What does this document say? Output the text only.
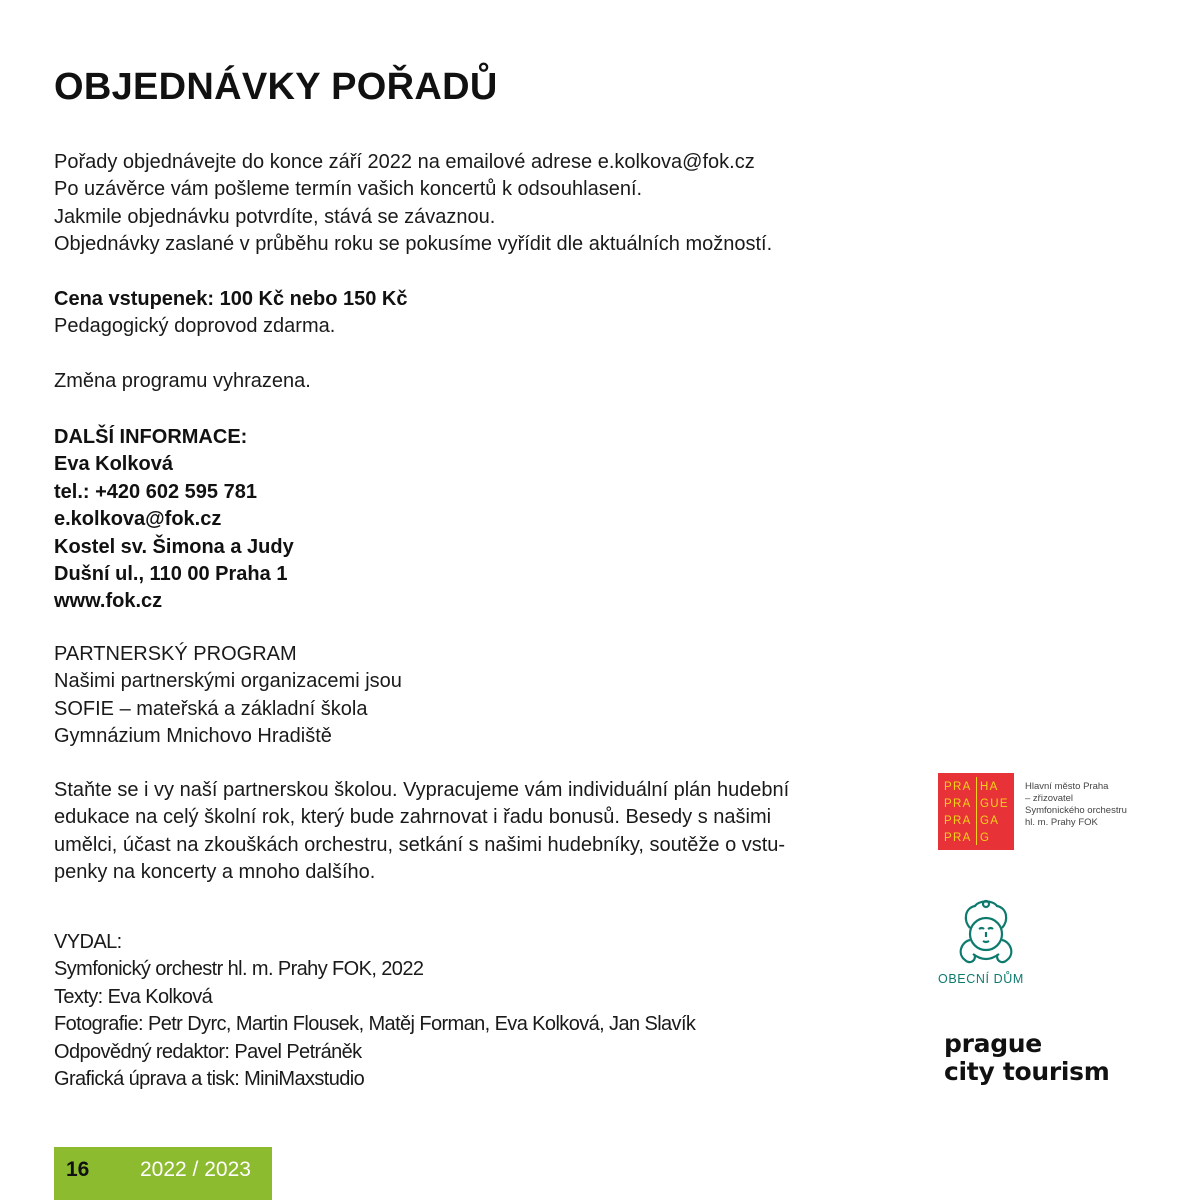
OBJEDNÁVKY POŘADŮ

Pořady objednávejte do konce září 2022 na emailové adrese e.kolkova@fok.cz

Po uzávěrce vám pošleme termín vašich koncertů k odsouhlasení.

Jakmile objednávku potvrdíte, stává se závaznou.

Objednávky zaslané v průběhu roku se pokusíme vyřídit dle aktuálních možností.

Cena vstupenek: 100 Kč nebo 150 Kč

Pedagogický doprovod zdarma.

Změna programu vyhrazena.

DALŠÍ INFORMACE:

Eva Kolková

tel.: +420 602 595 781

e.kolkova@fok.cz

Kostel sv. Šimona a Judy

Dušní ul., 110 00 Praha 1

www.fok.cz

PARTNERSKÝ PROGRAM

Našimi partnerskými organizacemi jsou

SOFIE – mateřská a základní škola

Gymnázium Mnichovo Hradiště

Staňte se i vy naší partnerskou školou. Vypracujeme vám individuální plán hudební

edukace na celý školní rok, který bude zahrnovat i řadu bonusů. Besedy s našimi

umělci, účast na zkouškách orchestru, setkání s našimi hudebníky, soutěže o vstu-

penky na koncerty a mnoho dalšího.

VYDAL:

Symfonický orchestr hl. m. Prahy FOK, 2022

Texty: Eva Kolková

Fotografie: Petr Dyrc, Martin Flousek, Matěj Forman, Eva Kolková, Jan Slavík

Odpovědný redaktor: Pavel Petráněk

Grafická úprava a tisk: MiniMaxstudio

PRA HA
PRA GUE
PRA GA
PRA G

Hlavní město Praha

– zřizovatel

Symfonického orchestru

hl. m. Prahy FOK

OBECNÍ DŮM

prague

city tourism

16 2022 / 2023
